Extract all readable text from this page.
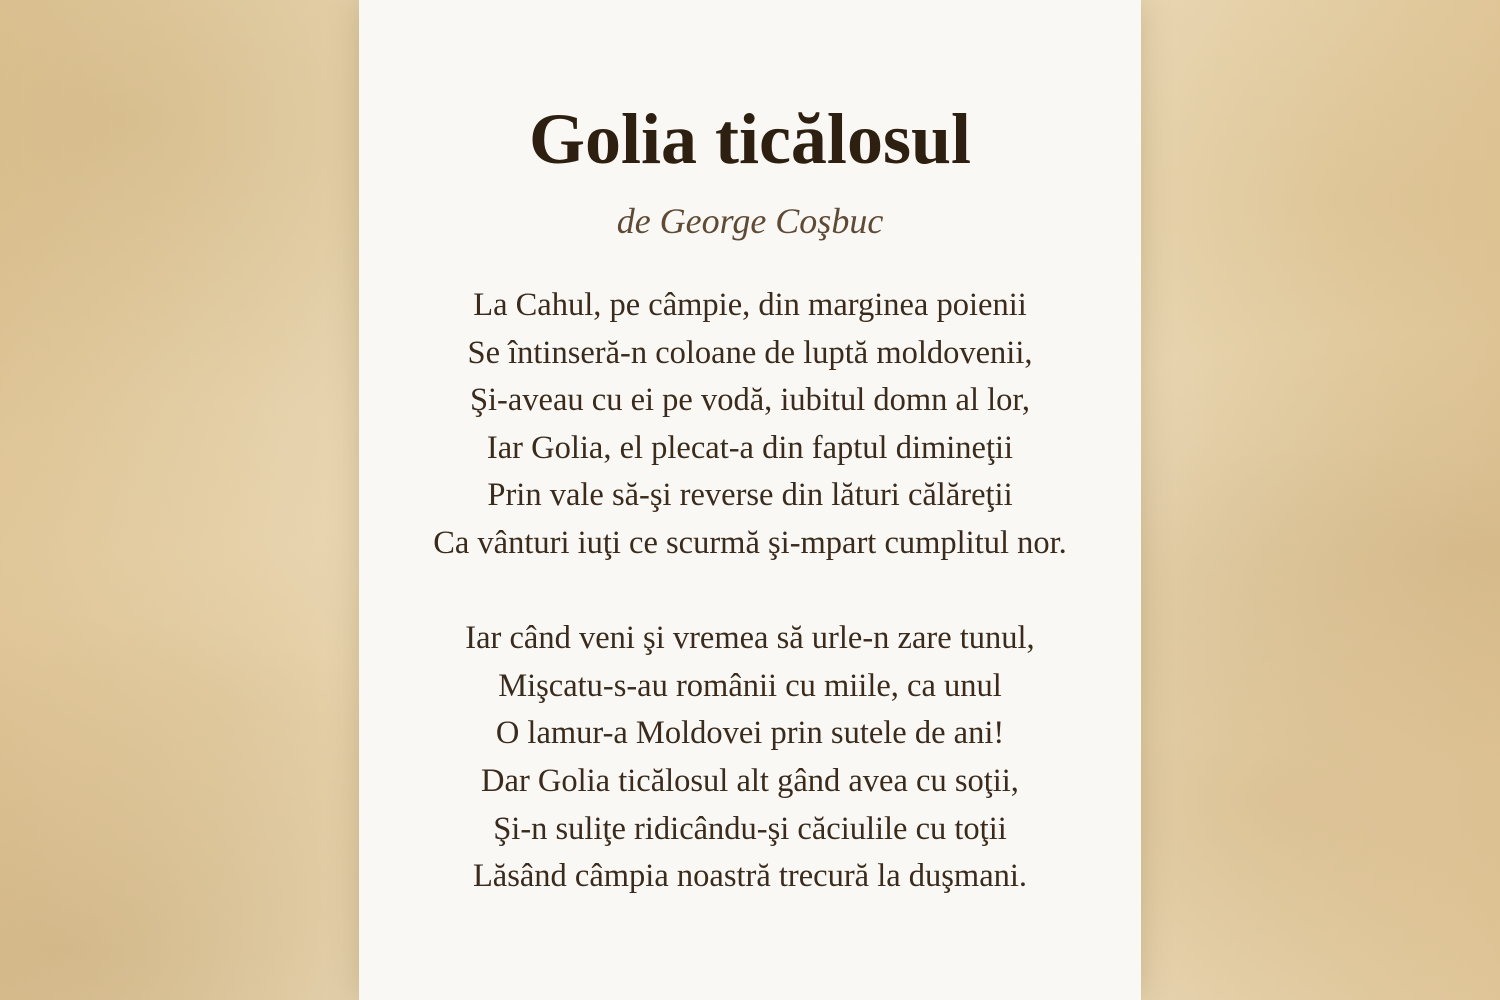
Golia ticălosul
de George Coşbuc
La Cahul, pe câmpie, din marginea poienii
Se întinseră-n coloane de luptă moldovenii,
Şi-aveau cu ei pe vodă, iubitul domn al lor,
Iar Golia, el plecat-a din faptul dimineţii
Prin vale să-şi reverse din lături călăreţii
Ca vânturi iuţi ce scurmă şi-mpart cumplitul nor.
Iar când veni şi vremea să urle-n zare tunul,
Mişcatu-s-au românii cu miile, ca unul
O lamur-a Moldovei prin sutele de ani!
Dar Golia ticălosul alt gând avea cu soţii,
Şi-n suliţe ridicându-şi căciulile cu toţii
Lăsând câmpia noastră trecură la duşmani.
